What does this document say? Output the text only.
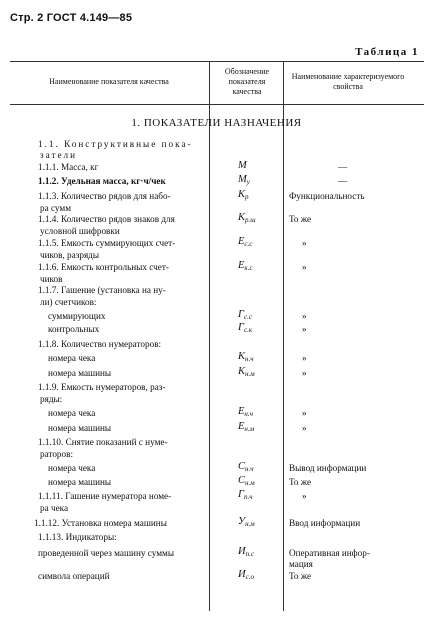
Стр. 2 ГОСТ 4.149—85
Таблица 1
Наименование показателя качества
Обозначение показателя качества
Наименование характеризуемого свойства
1. ПОКАЗАТЕЛИ НАЗНАЧЕНИЯ
1.1. Конструктивные пока-
затели
1.1.1. Масса, кг	M	—
1.1.2. Удельная масса, кг·ч/чек	$M_у$	—
1.1.3. Количество рядов для набо-	$K_р$	Функциональность
ра сумм
1.1.4. Количество рядов знаков для	$K_{р.ш}$	То же
условной шифровки
1.1.5. Емкость суммирующих счет-	$E_{с.с}$	»
чиков, разряды
1.1.6. Емкость контрольных счет-	$E_{к.с}$	»
чиков
1.1.7. Гашение (установка на ну-
ли) счетчиков:
суммирующих	$Г_{с.с}$	»
контрольных	$Г_{с.к}$	»
1.1.8. Количество нумераторов:
номера чека	$K_{н.ч}$	»
номера машины	$K_{н.м}$	»
1.1.9. Емкость нумераторов, раз-
ряды:
номера чека	$E_{н.ч}$	»
номера машины	$E_{н.м}$	»
1.1.10. Снятие показаний с нуме-
раторов:
номера чека	$C_{н.ч}$	Вывод информации
номера машины	$C_{н.м}$	То же
1.1.11. Гашение нумератора номе-	$Г_{п.ч}$	»
ра чека
1.1.12. Установка номера машины	$У_{н.м}$	Ввод информации
1.1.13. Индикаторы:
проведенной через машину суммы	$И_{п.с}$	Оперативная инфор-
мация
символа операций	$И_{с.о}$	То же
